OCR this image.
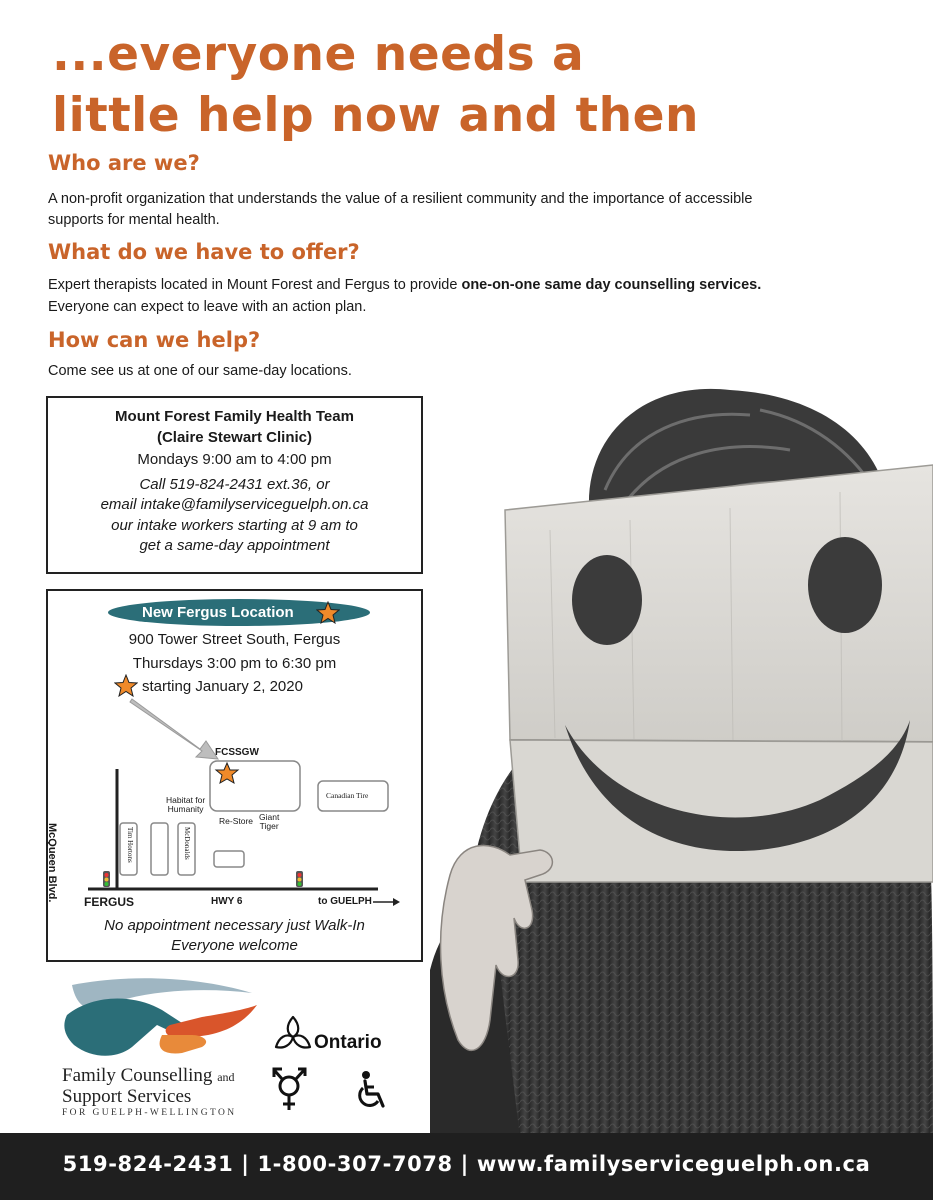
...everyone needs a
little help now and then
Who are we?

A non-profit organization that understands the value of a resilient community and the importance of accessible

supports for mental health.

What do we have to offer?

Expert therapists located in Mount Forest and Fergus to provide one-on-one same day counselling services.

Everyone can expect to leave with an action plan.

How can we help?

Come see us at one of our same-day locations.

Mount Forest Family Health Team

(Claire Stewart Clinic)

Mondays 9:00 am to 4:00 pm

Call 519-824-2431 ext.36, or

email intake@familyserviceguelph.on.ca

our intake workers starting at 9 am to

get a same-day appointment

New Fergus Location

900 Tower Street South, Fergus

Thursdays 3:00 pm to 6:30 pm

starting January 2, 2020

FCSSGW
Habitat for
Humanity
Re-Store Giant
Tiger
Canadian Tire
McQueen Blvd.	Tim Hortons	McDonalds
FERGUS	HWY 6	to GUELPH

No appointment necessary just Walk-In

Everyone welcome

Family Counselling and

Support Services

FOR GUELPH-WELLINGTON

Ontario

519-824-2431 | 1-800-307-7078 | www.familyserviceguelph.on.ca
